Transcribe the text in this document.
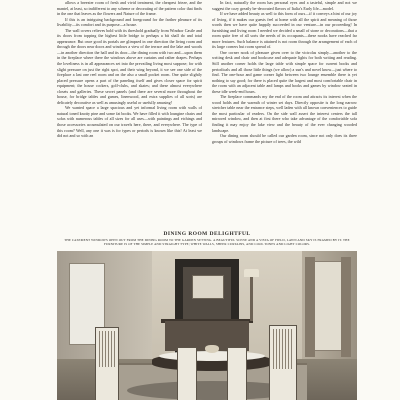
allows a breezier room of fresh and vivid treatment, the cheapest frieze, and the mantel, at least, so indifferent to any scheme or decorating of the pattern color that finds in the one that leaves as the flowers and Nature of the frame.

If this is an intriguing background and foreground for the farther pleasure of its livability—its comfort and its purpose—a house.

The wall covers relieves bold with its threshold gradually from Windsor Castle and its doors from topping the highest little bridge to perhaps a bit shall do and total appearance. But once good its portals are glimpsed in one direction the living room and through the doors near doors and windows a view of the terrace and the lake and woods—in another direction the hall and its door—the dining room with two and—upon them in the fireplace where there the windows above are curtains and rather drapes. Perhaps the loveliness is in all appearances set into the prevailing living most suppose; for with slight pressure on just the right spot, and their wing beyond, it we see one side of the fireplace a last one reel room and on the also a small pocket room. One quite slightly placed pressure opens a part of the paneling itself and gives closer space for spirit equipment; the house cockers, golf-clubs, and skates; and these almost everywhere closets and galleries. These secret panels (and there are several more throughout the house, for bridge tables and games, linenwood, and extra supplies of all sorts) are delicately decorative as well as amusingly useful or usefully amusing!

We wanted space a large spacious and yet informal living room with walls of natural toned knotty pine and some fat books. We have filled it with loungine chairs and sofas with numerous tables of all sizes for all uses—with paintings and etchings and those accessories accumulated on our travels here, there, and everywhere. The type of this room? Well, any one it was is for types or periods is known like this! At least we did not and so with an

In fact, naturally the room has personal eyes and a tasteful, simple and not we suggest the cozy greatly be-decorated flavors of Italia's Early life—model.

If we have added beauty as well to this form of ours—if it conveys a hint of our joy of living, if it makes our guests feel at home with all the spirit and meaning of those words then we have quite happily succeeded in our venture—in our proceeding! In furnishing and living room I needed we decided a small of stone or decorations—that a room quite free of all sorts the needs of its occupants—these nooks have reached far more features. Such balance is attained is not room through the arrangement of each of its large corners but room spread of.

One corner nook of pleasure given over to the victrolas simply—another to the writing desk and chair and bookcase and adequate lights for both writing and reading. Still another corner holds the large table with simple space for current books and periodicals and all those little things (we allow) a sun's and novel know—just where to find. The one-hour and game corner light between two lounge ensemble there is yet nothing to say good; for there is placed quite the largest and most comfortable chair in the room with an adjacent table and lamps and books and games by window seated in these idle week-end hours.

The fireplace commands my the end of the room and attracts its interest when the wood holds and the warmth of winter set days. Directly opposite is the long narrow stretcher table near the entrance steps, well laden with all known conveniences to guide the most particular of readers. On the side wall assert the interest centers the tall mirrored window, and then at first there who take advantage of the comfortable sofa finding it may enjoy the lake view and the beauty of the ever changing wooded landscape.

Our dining room should be called our garden room, since not only does its three groups of windows frame the picture of trees, the wild

DINING ROOM DELIGHTFUL
THE CASEMENT WINDOWS OPEN OUT FROM THE DINING ROOM TO THE GARDEN SETTING. A BEAUTIFUL SCENE AND A VISTA OF FIELD, LAWN AND SKY IS FRAMED BY IT. THE FURNITURE IS OF THE SIMPLE AND STRAIGHT TYPE; WHITE WALLS, SHEER CURTAINS, AND COOL TONES AND LIGHT COLORS.
